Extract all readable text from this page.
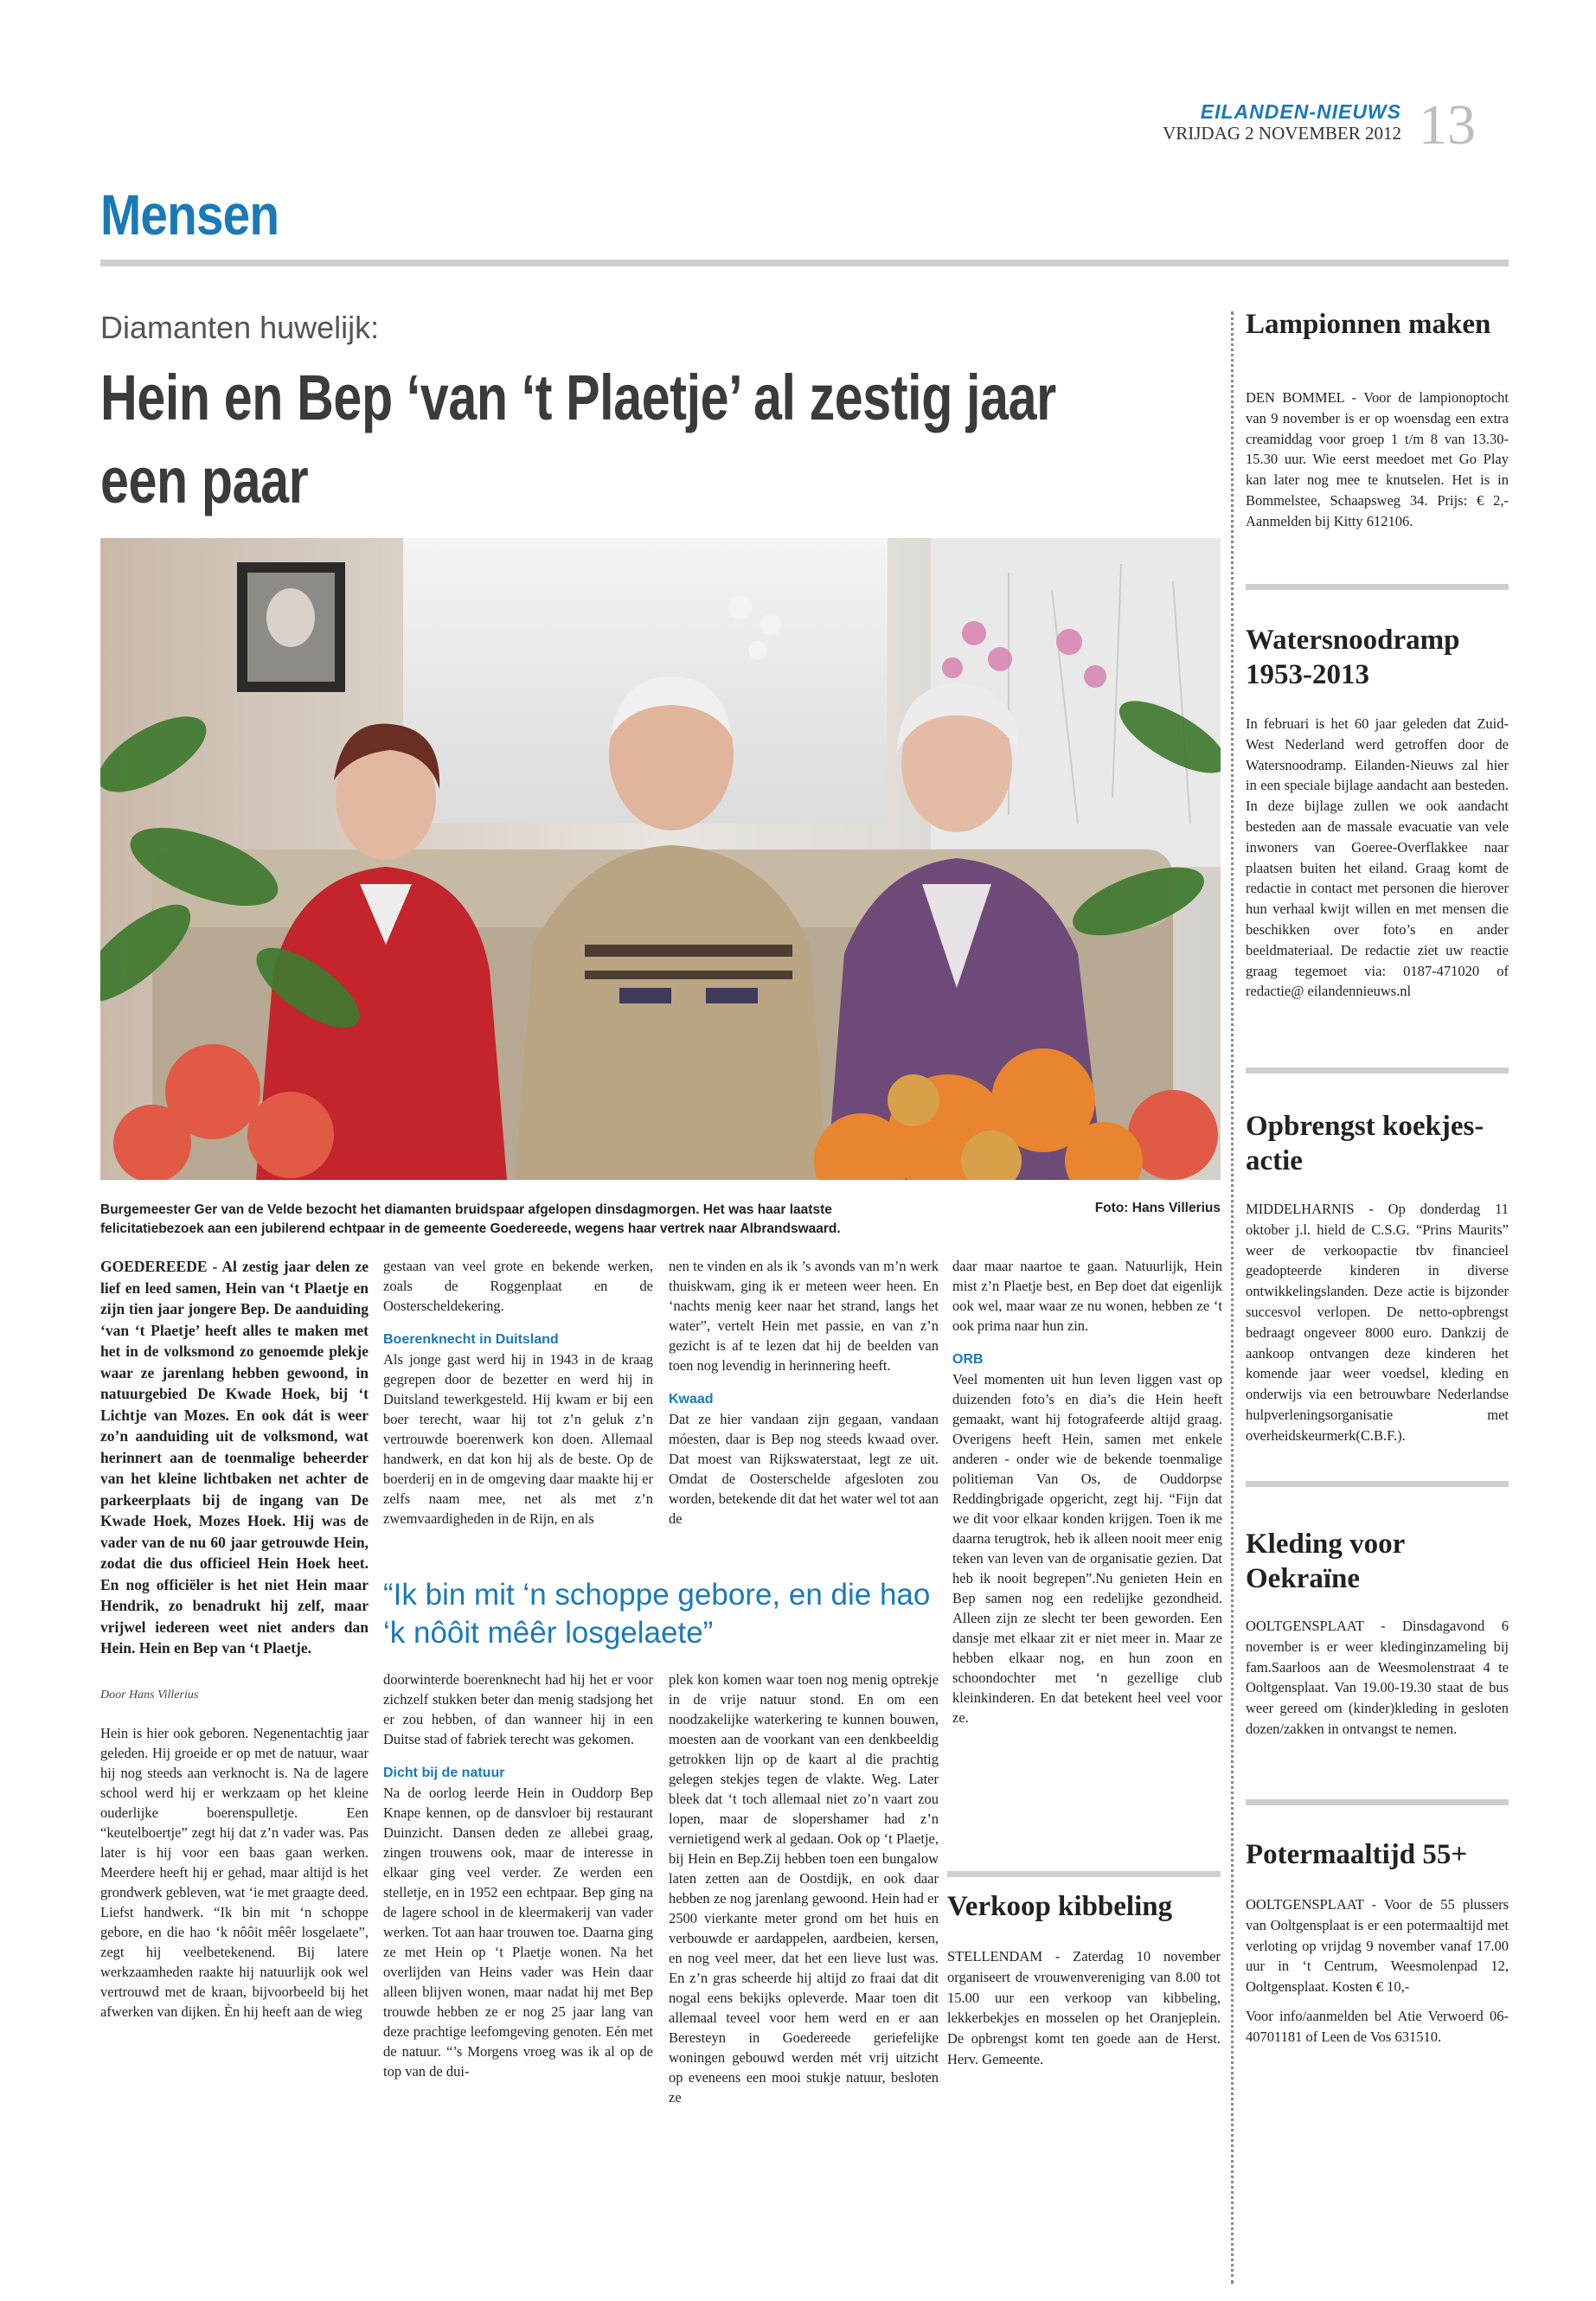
EILANDEN-NIEUWS
VRIJDAG 2 NOVEMBER 2012 13
Mensen
Diamanten huwelijk:
Hein en Bep ‘van ‘t Plaetje’ al zestig jaar een paar
Burgemeester Ger van de Velde bezocht het diamanten bruidspaar afgelopen dinsdagmorgen. Het was haar laatste felicitatiebezoek aan een jubilerend echtpaar in de gemeente Goedereede, wegens haar vertrek naar Albrandswaard.
Foto: Hans Villerius
GOEDEREEDE - Al zestig jaar delen ze lief en leed samen, Hein van ‘t Plaetje en zijn tien jaar jongere Bep. De aanduiding ‘van ‘t Plaetje’ heeft alles te maken met het in de volksmond zo genoemde plekje waar ze jarenlang hebben gewoond, in natuurgebied De Kwade Hoek, bij ‘t Lichtje van Mozes. En ook dát is weer zo’n aanduiding uit de volksmond, wat herinnert aan de toenmalige beheerder van het kleine lichtbaken net achter de parkeerplaats bij de ingang van De Kwade Hoek, Mozes Hoek. Hij was de vader van de nu 60 jaar getrouwde Hein, zodat die dus officieel Hein Hoek heet. En nog officiëler is het niet Hein maar Hendrik, zo benadrukt hij zelf, maar vrijwel iedereen weet niet anders dan Hein. Hein en Bep van ‘t Plaetje.
Door Hans Villerius

Hein is hier ook geboren. Negenentachtig jaar geleden. Hij groeide er op met de natuur, waar hij nog steeds aan verknocht is. Na de lagere school werd hij er werkzaam op het kleine ouderlijke boerenspulletje. Een “keutelboertje” zegt hij dat z’n vader was. Pas later is hij voor een baas gaan werken. Meerdere heeft hij er gehad, maar altijd is het grondwerk gebleven, wat ‘ie met graagte deed. Liefst handwerk. “Ik bin mit ‘n schoppe gebore, en die hao ‘k nôôit mêêr losgelaete”, zegt hij veelbetekenend. Bij latere werkzaamheden raakte hij natuurlijk ook wel vertrouwd met de kraan, bijvoorbeeld bij het afwerken van dijken. Èn hij heeft aan de wieg

gestaan van veel grote en bekende werken, zoals de Roggenplaat en de Oosterscheldekering.

Boerenknecht in Duitsland

Als jonge gast werd hij in 1943 in de kraag gegrepen door de bezetter en werd hij in Duitsland tewerkgesteld. Hij kwam er bij een boer terecht, waar hij tot z’n geluk z’n vertrouwde boerenwerk kon doen. Allemaal handwerk, en dat kon hij als de beste. Op de boerderij en in de omgeving daar maakte hij er zelfs naam mee, net als met z’n zwemvaardigheden in de Rijn, en als

nen te vinden en als ik ’s avonds van m’n werk thuiskwam, ging ik er meteen weer heen. En ‘nachts menig keer naar het strand, langs het water”, vertelt Hein met passie, en van z’n gezicht is af te lezen dat hij de beelden van toen nog levendig in herinnering heeft.

Kwaad

Dat ze hier vandaan zijn gegaan, vandaan móesten, daar is Bep nog steeds kwaad over. Dat moest van Rijkswaterstaat, legt ze uit. Omdat de Oosterschelde afgesloten zou worden, betekende dit dat het water wel tot aan de

“Ik bin mit ‘n schoppe gebore, en die hao ‘k nôôit mêêr losgelaete”

doorwinterde boerenknecht had hij het er voor zichzelf stukken beter dan menig stadsjong het er zou hebben, of dan wanneer hij in een Duitse stad of fabriek terecht was gekomen.

Dicht bij de natuur

Na de oorlog leerde Hein in Ouddorp Bep Knape kennen, op de dansvloer bij restaurant Duinzicht. Dansen deden ze allebei graag, zingen trouwens ook, maar de interesse in elkaar ging veel verder. Ze werden een stelletje, en in 1952 een echtpaar. Bep ging na de lagere school in de kleermakerij van vader werken. Tot aan haar trouwen toe. Daarna ging ze met Hein op ‘t Plaetje wonen. Na het overlijden van Heins vader was Hein daar alleen blijven wonen, maar nadat hij met Bep trouwde hebben ze er nog 25 jaar lang van deze prachtige leefomgeving genoten. Eén met de natuur. “’s Morgens vroeg was ik al op de top van de dui-

plek kon komen waar toen nog menig optrekje in de vrije natuur stond. En om een noodzakelijke waterkering te kunnen bouwen, moesten aan de voorkant van een denkbeeldig getrokken lijn op de kaart al die prachtig gelegen stekjes tegen de vlakte. Weg. Later bleek dat ‘t toch allemaal niet zo’n vaart zou lopen, maar de slopershamer had z’n vernietigend werk al gedaan. Ook op ‘t Plaetje, bij Hein en Bep.Zij hebben toen een bungalow laten zetten aan de Oostdijk, en ook daar hebben ze nog jarenlang gewoond. Hein had er 2500 vierkante meter grond om het huis en verbouwde er aardappelen, aardbeien, kersen, en nog veel meer, dat het een lieve lust was. En z’n gras scheerde hij altijd zo fraai dat dit nogal eens bekijks opleverde. Maar toen dit allemaal teveel voor hem werd en er aan Beresteyn in Goedereede geriefelijke woningen gebouwd werden mét vrij uitzicht op eveneens een mooi stukje natuur, besloten ze

daar maar naartoe te gaan. Natuurlijk, Hein mist z’n Plaetje best, en Bep doet dat eigenlijk ook wel, maar waar ze nu wonen, hebben ze ‘t ook prima naar hun zin.

ORB

Veel momenten uit hun leven liggen vast op duizenden foto’s en dia’s die Hein heeft gemaakt, want hij fotografeerde altijd graag. Overigens heeft Hein, samen met enkele anderen - onder wie de bekende toenmalige politieman Van Os, de Ouddorpse Reddingbrigade opgericht, zegt hij. “Fijn dat we dit voor elkaar konden krijgen. Toen ik me daarna terugtrok, heb ik alleen nooit meer enig teken van leven van de organisatie gezien. Dat heb ik nooit begrepen”.Nu genieten Hein en Bep samen nog een redelijke gezondheid. Alleen zijn ze slecht ter been geworden. Een dansje met elkaar zit er niet meer in. Maar ze hebben elkaar nog, en hun zoon en schoondochter met ‘n gezellige club kleinkinderen. En dat betekent heel veel voor ze.

Verkoop kibbeling
STELLENDAM - Zaterdag 10 november organiseert de vrouwenvereniging van 8.00 tot 15.00 uur een verkoop van kibbeling, lekkerbekjes en mosselen op het Oranjeplein. De opbrengst komt ten goede aan de Herst. Herv. Gemeente.
Lampionnen maken

DEN BOMMEL - Voor de lampionoptocht van 9 november is er op woensdag een extra creamiddag voor groep 1 t/m 8 van 13.30-15.30 uur. Wie eerst meedoet met Go Play kan later nog mee te knutselen. Het is in Bommelstee, Schaapsweg 34. Prijs: € 2,- Aanmelden bij Kitty 612106.

Watersnoodramp 1953-2013

In februari is het 60 jaar geleden dat Zuid-West Nederland werd getroffen door de Watersnoodramp. Eilanden-Nieuws zal hier in een speciale bijlage aandacht aan besteden. In deze bijlage zullen we ook aandacht besteden aan de massale evacuatie van vele inwoners van Goeree-Overflakkee naar plaatsen buiten het eiland. Graag komt de redactie in contact met personen die hierover hun verhaal kwijt willen en met mensen die beschikken over foto’s en ander beeldmateriaal. De redactie ziet uw reactie graag tegemoet via: 0187-471020 of redactie@ eilandennieuws.nl

Opbrengst koekjes-actie

MIDDELHARNIS - Op donderdag 11 oktober j.l. hield de C.S.G. “Prins Maurits” weer de verkoopactie tbv financieel geadopteerde kinderen in diverse ontwikkelingslanden. Deze actie is bijzonder succesvol verlopen. De netto-opbrengst bedraagt ongeveer 8000 euro. Dankzij de aankoop ontvangen deze kinderen het komende jaar weer voedsel, kleding en onderwijs via een betrouwbare Nederlandse hulpverleningsorganisatie met overheidskeurmerk(C.B.F.).

Kleding voor Oekraïne

OOLTGENSPLAAT - Dinsdagavond 6 november is er weer kledinginzameling bij fam.Saarloos aan de Weesmolenstraat 4 te Ooltgensplaat. Van 19.00-19.30 staat de bus weer gereed om (kinder)kleding in gesloten dozen/zakken in ontvangst te nemen.

Potermaaltijd 55+

OOLTGENSPLAAT - Voor de 55 plussers van Ooltgensplaat is er een potermaaltijd met verloting op vrijdag 9 november vanaf 17.00 uur in ‘t Centrum, Weesmolenpad 12, Ooltgensplaat. Kosten € 10,-

Voor info/aanmelden bel Atie Verwoerd 06-40701181 of Leen de Vos 631510.
